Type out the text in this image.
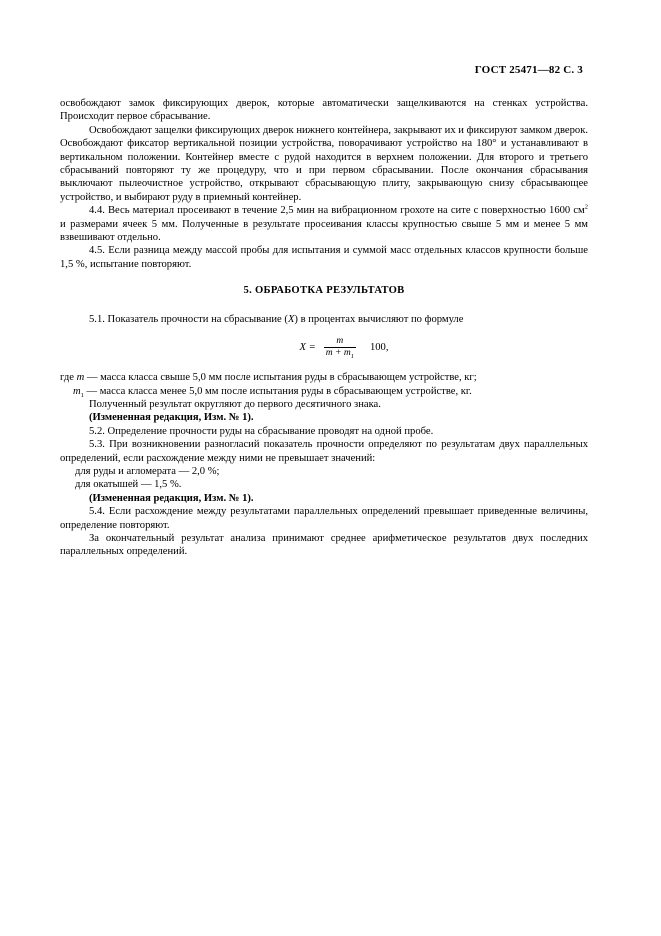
ГОСТ 25471—82 С. 3

освобождают замок фиксирующих дверок, которые автоматически защелкиваются на стенках устройства. Происходит первое сбрасывание.

Освобождают защелки фиксирующих дверок нижнего контейнера, закрывают их и фиксируют замком дверок. Освобождают фиксатор вертикальной позиции устройства, поворачивают устройство на 180° и устанавливают в вертикальном положении. Контейнер вместе с рудой находится в верхнем положении. Для второго и третьего сбрасываний повторяют ту же процедуру, что и при первом сбрасывании. После окончания сбрасывания выключают пылеочистное устройство, открывают сбрасывающую плиту, закрывающую снизу сбрасывающее устройство, и выбирают руду в приемный контейнер.

4.4. Весь материал просеивают в течение 2,5 мин на вибрационном грохоте на сите с поверхностью 1600 $см^2$ и размерами ячеек 5 мм. Полученные в результате просеивания классы крупностью свыше 5 мм и менее 5 мм взвешивают отдельно.

4.5. Если разница между массой пробы для испытания и суммой масс отдельных классов крупности больше 1,5 %, испытание повторяют.

5. ОБРАБОТКА РЕЗУЛЬТАТОВ

5.1. Показатель прочности на сбрасывание (X) в процентах вычисляют по формуле

$X = \frac{m}{m + m_1} 100$,

где m — масса класса свыше 5,0 мм после испытания руды в сбрасывающем устройстве, кг;

$m_1$ — масса класса менее 5,0 мм после испытания руды в сбрасывающем устройстве, кг.

Полученный результат округляют до первого десятичного знака.

(Измененная редакция, Изм. № 1).

5.2. Определение прочности руды на сбрасывание проводят на одной пробе.

5.3. При возникновении разногласий показатель прочности определяют по результатам двух параллельных определений, если расхождение между ними не превышает значений:

для руды и агломерата — 2,0 %;

для окатышей — 1,5 %.

(Измененная редакция, Изм. № 1).

5.4. Если расхождение между результатами параллельных определений превышает приведенные величины, определение повторяют.

За окончательный результат анализа принимают среднее арифметическое результатов двух последних параллельных определений.
